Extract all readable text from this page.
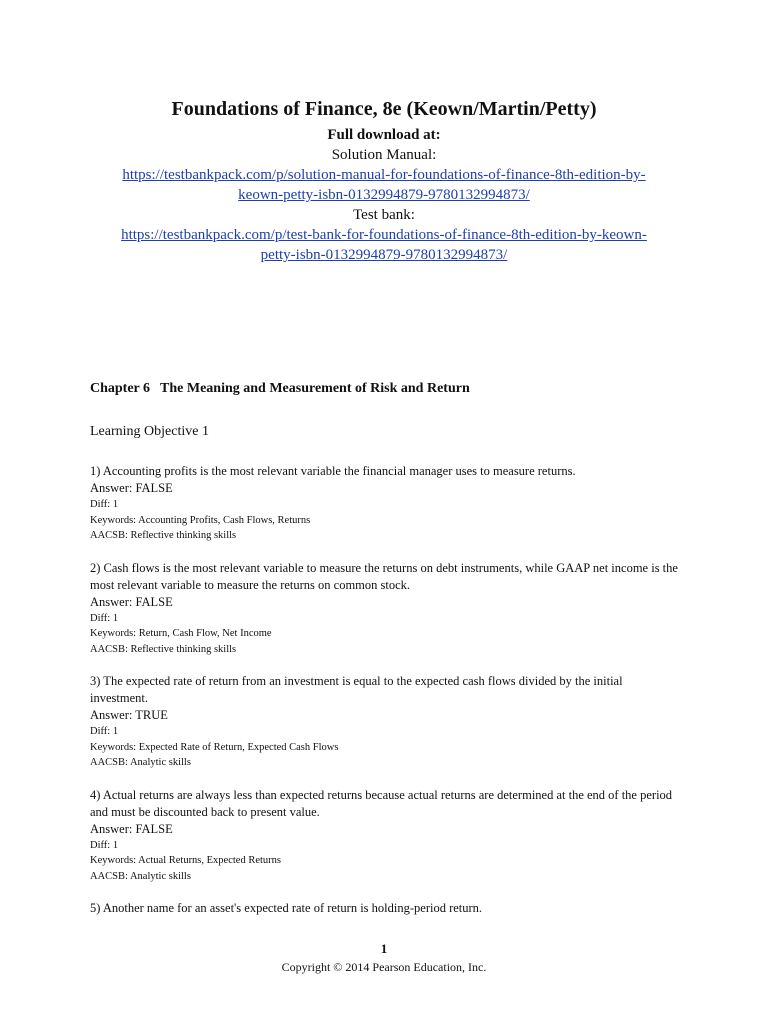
Foundations of Finance, 8e (Keown/Martin/Petty)
Full download at:
Solution Manual:
https://testbankpack.com/p/solution-manual-for-foundations-of-finance-8th-edition-by-
keown-petty-isbn-0132994879-9780132994873/
Test bank:
https://testbankpack.com/p/test-bank-for-foundations-of-finance-8th-edition-by-keown-
petty-isbn-0132994879-9780132994873/
Chapter 6 The Meaning and Measurement of Risk and Return
Learning Objective 1
1) Accounting profits is the most relevant variable the financial manager uses to measure returns.
Answer: FALSE
Diff: 1
Keywords: Accounting Profits, Cash Flows, Returns
AACSB: Reflective thinking skills
2) Cash flows is the most relevant variable to measure the returns on debt instruments, while GAAP net income is the most relevant variable to measure the returns on common stock.
Answer: FALSE
Diff: 1
Keywords: Return, Cash Flow, Net Income
AACSB: Reflective thinking skills
3) The expected rate of return from an investment is equal to the expected cash flows divided by the initial investment.
Answer: TRUE
Diff: 1
Keywords: Expected Rate of Return, Expected Cash Flows
AACSB: Analytic skills
4) Actual returns are always less than expected returns because actual returns are determined at the end of the period and must be discounted back to present value.
Answer: FALSE
Diff: 1
Keywords: Actual Returns, Expected Returns
AACSB: Analytic skills
5) Another name for an asset's expected rate of return is holding-period return.
1
Copyright © 2014 Pearson Education, Inc.
